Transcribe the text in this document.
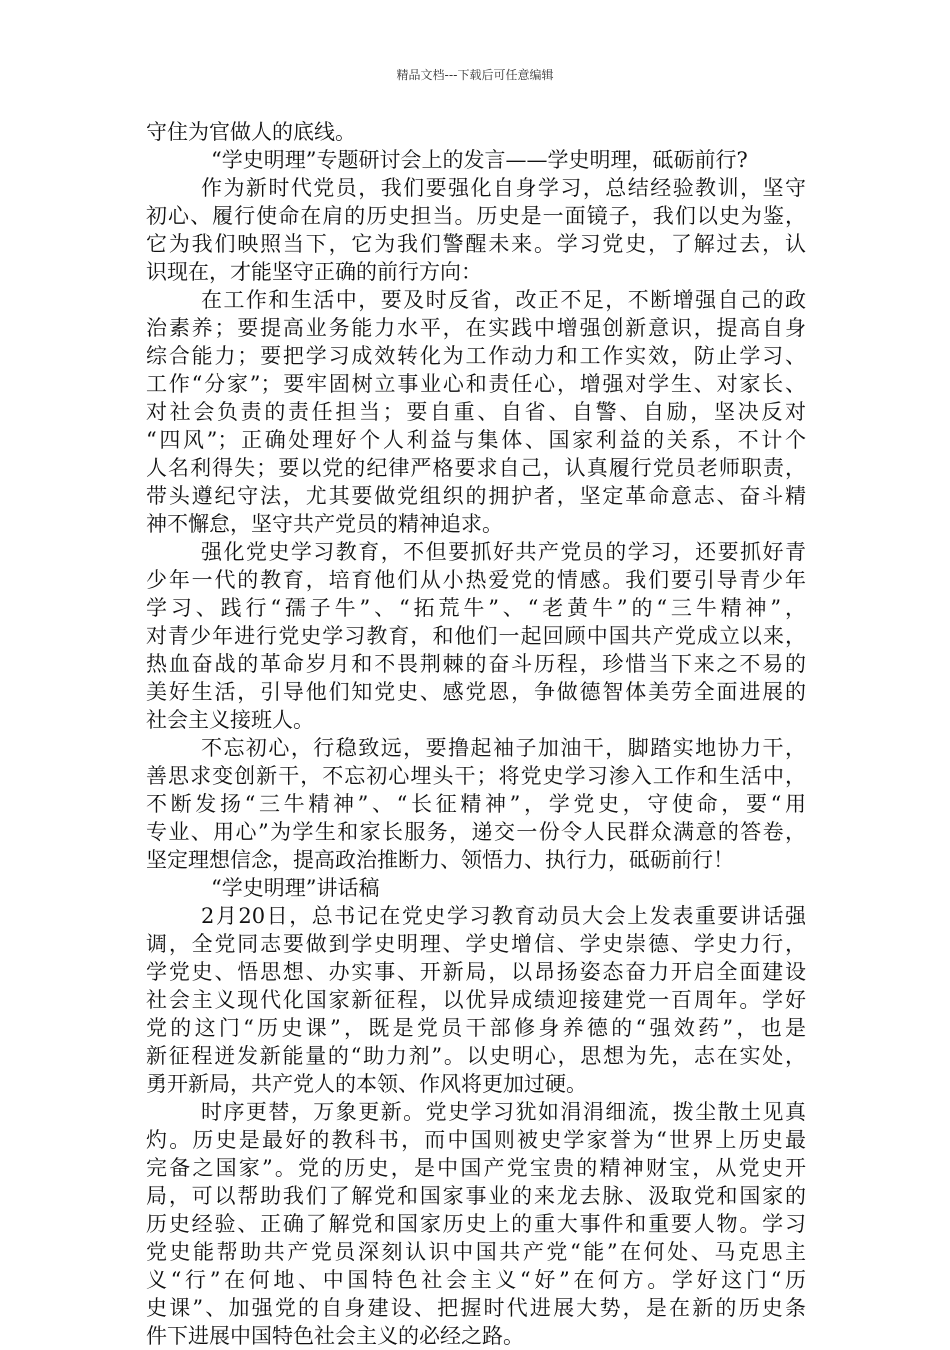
精品文档---下载后可任意编辑
守住为官做人的底线。
“学史明理”专题研讨会上的发言——学史明理，砥砺前行?
作为新时代党员，我们要强化自身学习，总结经验教训，坚守
初心、履行使命在肩的历史担当。历史是一面镜子，我们以史为鉴，
它为我们映照当下，它为我们警醒未来。学习党史，了解过去，认
识现在，才能坚守正确的前行方向：
在工作和生活中，要及时反省，改正不足，不断增强自己的政
治素养；要提高业务能力水平，在实践中增强创新意识，提高自身
综合能力；要把学习成效转化为工作动力和工作实效，防止学习、
工作“分家”；要牢固树立事业心和责任心，增强对学生、对家长、
对社会负责的责任担当；要自重、自省、自警、自励，坚决反对
“四风”；正确处理好个人利益与集体、国家利益的关系，不计个
人名利得失；要以党的纪律严格要求自己，认真履行党员老师职责，
带头遵纪守法，尤其要做党组织的拥护者，坚定革命意志、奋斗精
神不懈怠，坚守共产党员的精神追求。
强化党史学习教育，不但要抓好共产党员的学习，还要抓好青
少年一代的教育，培育他们从小热爱党的情感。我们要引导青少年
学习、践行“孺子牛”、“拓荒牛”、“老黄牛”的“三牛精神”，
对青少年进行党史学习教育，和他们一起回顾中国共产党成立以来，
热血奋战的革命岁月和不畏荆棘的奋斗历程，珍惜当下来之不易的
美好生活，引导他们知党史、感党恩，争做德智体美劳全面进展的
社会主义接班人。
不忘初心，行稳致远，要撸起袖子加油干，脚踏实地协力干，
善思求变创新干，不忘初心埋头干；将党史学习渗入工作和生活中，
不断发扬“三牛精神”、“长征精神”，学党史，守使命，要“用
专业、用心”为学生和家长服务，递交一份令人民群众满意的答卷，
坚定理想信念，提高政治推断力、领悟力、执行力，砥砺前行！
“学史明理”讲话稿
2月20日，总书记在党史学习教育动员大会上发表重要讲话强
调，全党同志要做到学史明理、学史增信、学史崇德、学史力行，
学党史、悟思想、办实事、开新局，以昂扬姿态奋力开启全面建设
社会主义现代化国家新征程，以优异成绩迎接建党一百周年。学好
党的这门“历史课”，既是党员干部修身养德的“强效药”，也是
新征程迸发新能量的“助力剂”。以史明心，思想为先，志在实处，
勇开新局，共产党人的本领、作风将更加过硬。
时序更替，万象更新。党史学习犹如涓涓细流，拨尘散土见真
灼。历史是最好的教科书，而中国则被史学家誉为“世界上历史最
完备之国家”。党的历史，是中国产党宝贵的精神财宝，从党史开
局，可以帮助我们了解党和国家事业的来龙去脉、汲取党和国家的
历史经验、正确了解党和国家历史上的重大事件和重要人物。学习
党史能帮助共产党员深刻认识中国共产党“能”在何处、马克思主
义“行”在何地、中国特色社会主义“好”在何方。学好这门“历
史课”、加强党的自身建设、把握时代进展大势，是在新的历史条
件下进展中国特色社会主义的必经之路。
